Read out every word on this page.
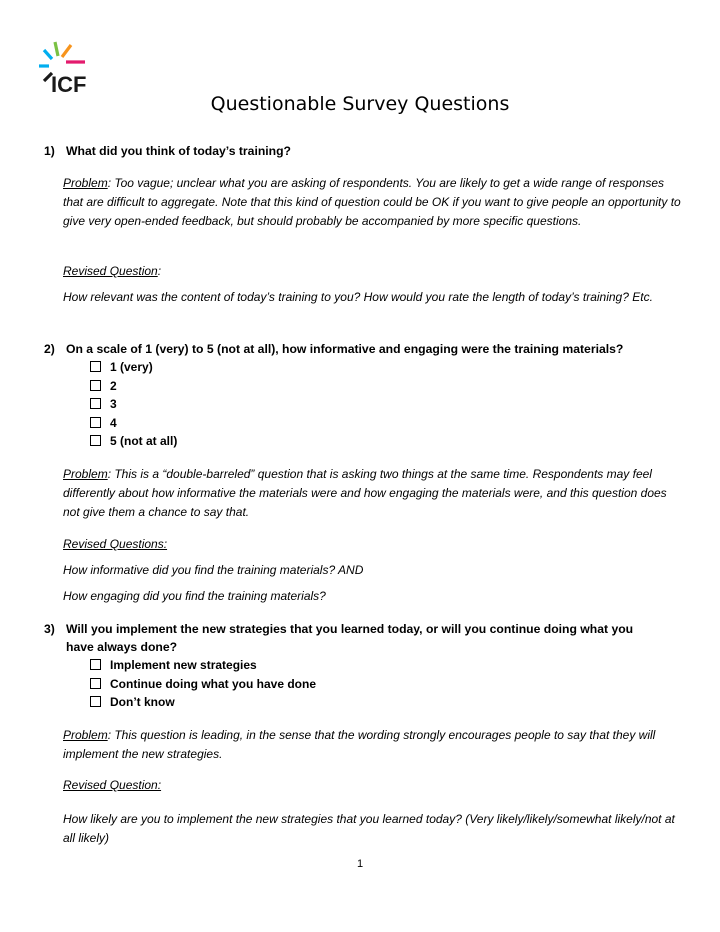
ICF
Questionable Survey Questions
1) What did you think of today’s training?

Problem: Too vague; unclear what you are asking of respondents. You are likely to get a wide range of responses that are difficult to aggregate. Note that this kind of question could be OK if you want to give people an opportunity to give very open-ended feedback, but should probably be accompanied by more specific questions.

Revised Question:

How relevant was the content of today’s training to you? How would you rate the length of today’s training? Etc.

2) On a scale of 1 (very) to 5 (not at all), how informative and engaging were the training materials?
1 (very)
2
3
4
5 (not at all)

Problem: This is a “double-barreled” question that is asking two things at the same time. Respondents may feel differently about how informative the materials were and how engaging the materials were, and this question does not give them a chance to say that.

Revised Questions:

How informative did you find the training materials? AND

How engaging did you find the training materials?

3) Will you implement the new strategies that you learned today, or will you continue doing what you
have always done?
Implement new strategies
Continue doing what you have done
Don’t know

Problem: This question is leading, in the sense that the wording strongly encourages people to say that they will implement the new strategies.

Revised Question:

How likely are you to implement the new strategies that you learned today? (Very likely/likely/somewhat likely/not at all likely)

1
